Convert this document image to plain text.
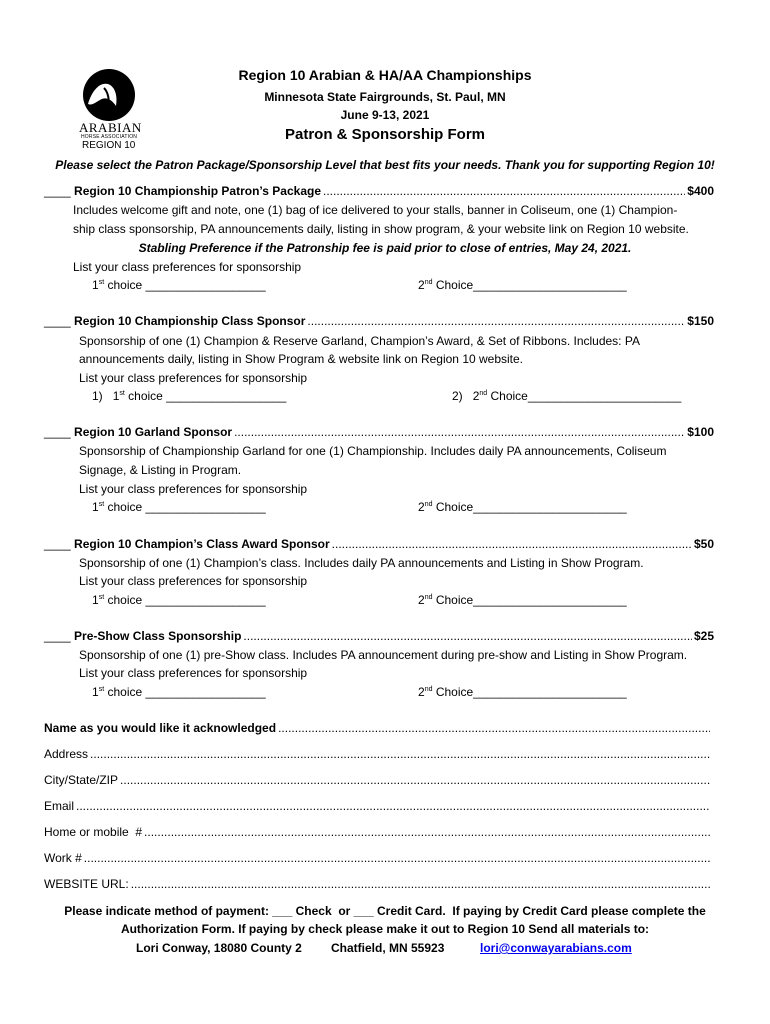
ARABIAN
HORSE ASSOCIATION
REGION 10
Region 10 Arabian & HA/AA Championships
Minnesota State Fairgrounds, St. Paul, MN
June 9-13, 2021
Patron & Sponsorship Form
Please select the Patron Package/Sponsorship Level that best fits your needs. Thank you for supporting Region 10!
____
Region 10 Championship Patron’s Package .....	$400
Includes welcome gift and note, one (1) bag of ice delivered to your stalls, banner in Coliseum, one (1) Champion-
ship class sponsorship, PA announcements daily, listing in show program, & your website link on Region 10 website.
Stabling Preference if the Patronship fee is paid prior to close of entries, May 24, 2021.
List your class preferences for sponsorship
1st choice __________________	2nd Choice_______________________
____
Region 10 Championship Class Sponsor .....	$150
Sponsorship of one (1) Champion & Reserve Garland, Champion’s Award, & Set of Ribbons. Includes: PA
announcements daily, listing in Show Program & website link on Region 10 website.
List your class preferences for sponsorship
1) 1st choice __________________	2) 2nd Choice_______________________
____
Region 10 Garland Sponsor .....	$100
Sponsorship of Championship Garland for one (1) Championship. Includes daily PA announcements, Coliseum
Signage, & Listing in Program.
List your class preferences for sponsorship
1st choice __________________	2nd Choice_______________________
____
Region 10 Champion’s Class Award Sponsor .....	$50
Sponsorship of one (1) Champion’s class. Includes daily PA announcements and Listing in Show Program.
List your class preferences for sponsorship
1st choice __________________	2nd Choice_______________________
____
Pre-Show Class Sponsorship .....	$25
Sponsorship of one (1) pre-Show class. Includes PA announcement during pre-show and Listing in Show Program.
List your class preferences for sponsorship
1st choice __________________	2nd Choice_______________________
Name as you would like it acknowledged
.....
Address
.....
City/State/ZIP
.....
Email
.....
Home or mobile  #
.....
Work #
.....
WEBSITE URL:
.....
Please indicate method of payment: ___ Check  or ___ Credit Card.  If paying by Credit Card please complete the
Authorization Form. If paying by check please make it out to Region 10 Send all materials to:
Lori Conway, 18080 County 2 Chatfield, MN 55923	lori@conwayarabians.com
